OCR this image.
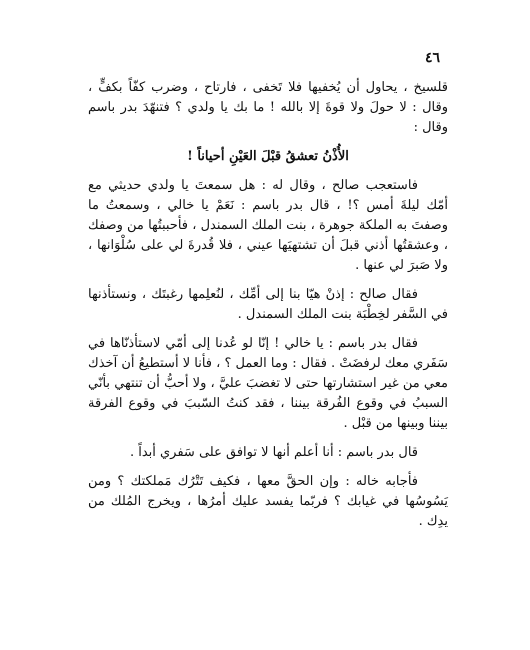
٤٦

قلسيخ ، يحاول أن يُخفيها فلا تَخفى ، فارتاح ، وضرب كفّاً بكفٍّ ، وقال : لا حولَ ولا قوةَ إلا بالله ! ما بك يا ولدي ؟ فتنهّدَ بدر باسم وقال :

الأُذْنُ تعشقُ قبْلَ العَيْنِ أحياناً !

فاستعجب صالح ، وقال له : هل سمعتَ يا ولدي حديثي مع أمّك ليلةَ أمس ؟! ، قال بدر باسم : نَعَمْ يا خالي ، وسمعتُ ما وصفتَ به الملكة جوهرة ، بنت الملك السمندل ، فأحببتُها من وصفك ، وعشقتُها أذني قبلَ أن تشتهيَها عيني ، فلا قُدرةَ لي على سُلْوَانها ، ولا صَبرَ لي عنها .

فقال صالح : إذنْ هيّا بنا إلى أمِّك ، لنُعلِمها رغبتَك ، ونستأذنها في السَّفر لخِطْبَة بنت الملك السمندل .

فقال بدر باسم : يا خالي ! إنّا لو عُدنا إلى أمّي لاستأذنّاها في سَفَري معك لرفضَتْ . فقال : وما العمل ؟ ، فأنا لا أستطيعُ أن آخذك معي من غير استشارتها حتى لا تغضبَ عليَّ ، ولا أحبُّ أن تنتهي بأنّي السببُ في وقوع الفُرقة بيننا ، فقد كنتُ السّببَ في وقوع الفرقة بيننا وبينها من قبْل .

قال بدر باسم : أنا أعلم أنها لا توافق على سَفري أبداً .

فأجابه خاله : وإن الحقَّ معها ، فكيف تَتْرُك مَملكتك ؟ ومن يَسُوسُها في غيابك ؟ فربّما يفسد عليك أمرُها ، ويخرج المُلك من يدِك .
